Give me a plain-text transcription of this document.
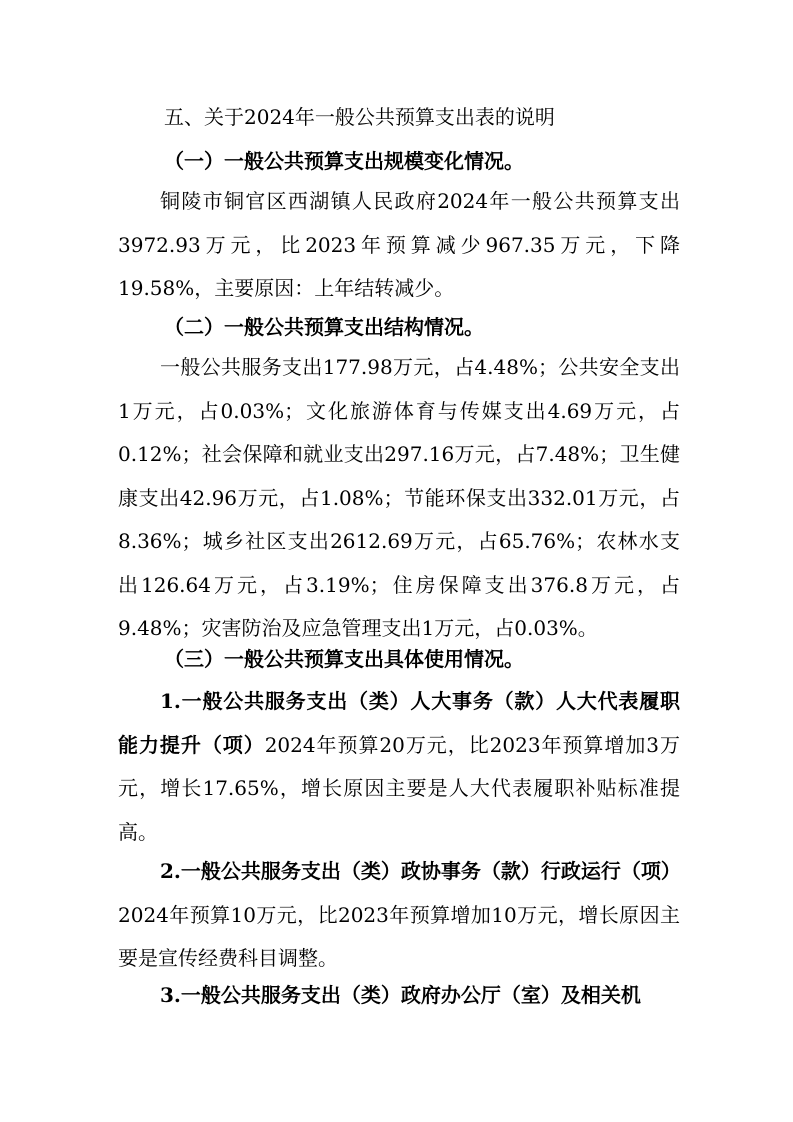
五、关于2024年一般公共预算支出表的说明
（一）一般公共预算支出规模变化情况。

铜陵市铜官区西湖镇人民政府2024年一般公共预算支出3972.93万元，比2023年预算减少967.35万元，下降19.58%，主要原因：上年结转减少。

（二）一般公共预算支出结构情况。

一般公共服务支出177.98万元，占4.48%；公共安全支出1万元，占0.03%；文化旅游体育与传媒支出4.69万元，占0.12%；社会保障和就业支出297.16万元，占7.48%；卫生健康支出42.96万元，占1.08%；节能环保支出332.01万元，占8.36%；城乡社区支出2612.69万元，占65.76%；农林水支出126.64万元，占3.19%；住房保障支出376.8万元，占9.48%；灾害防治及应急管理支出1万元，占0.03%。

（三）一般公共预算支出具体使用情况。

1.一般公共服务支出（类）人大事务（款）人大代表履职能力提升（项）2024年预算20万元，比2023年预算增加3万元，增长17.65%，增长原因主要是人大代表履职补贴标准提高。

2.一般公共服务支出（类）政协事务（款）行政运行（项）2024年预算10万元，比2023年预算增加10万元，增长原因主要是宣传经费科目调整。

3.一般公共服务支出（类）政府办公厅（室）及相关机
